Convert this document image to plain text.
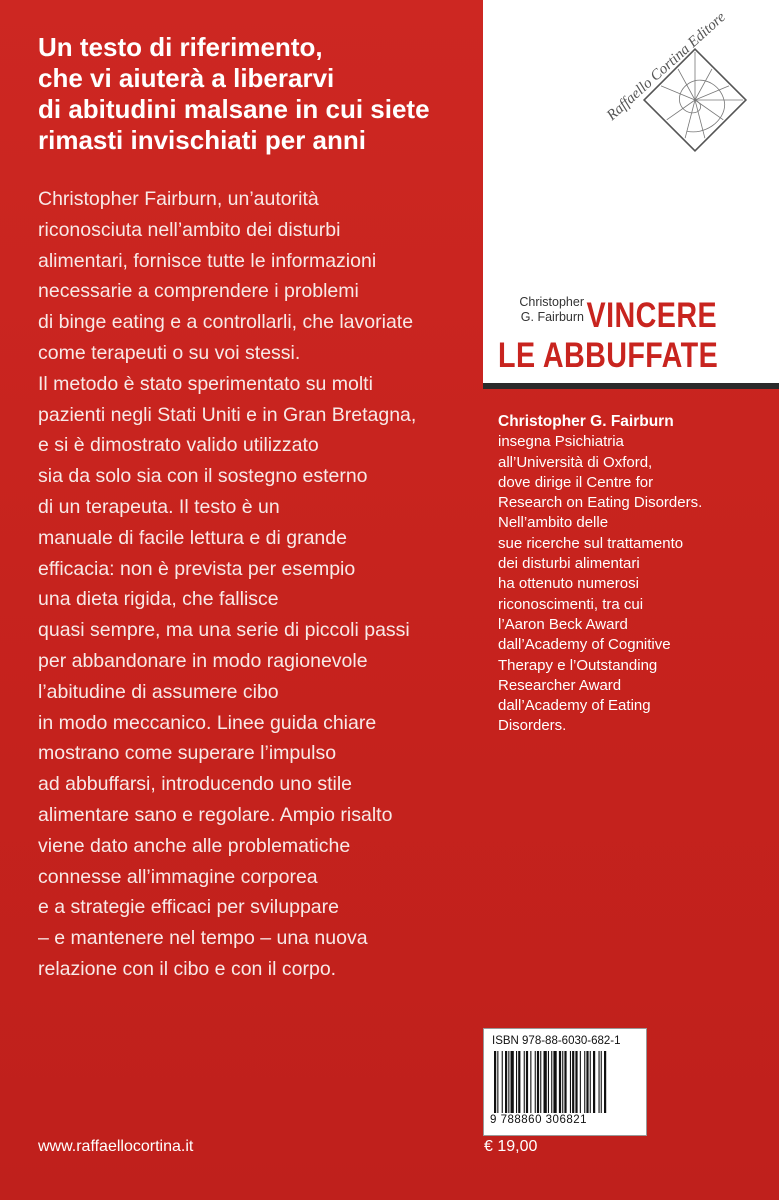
Un testo di riferimento,
che vi aiuterà a liberarvi
di abitudini malsane in cui siete
rimasti invischiati per anni
Christopher Fairburn, un’autorità
riconosciuta nell’ambito dei disturbi
alimentari, fornisce tutte le informazioni
necessarie a comprendere i problemi
di binge eating e a controllarli, che lavoriate
come terapeuti o su voi stessi.
Il metodo è stato sperimentato su molti
pazienti negli Stati Uniti e in Gran Bretagna,
e si è dimostrato valido utilizzato
sia da solo sia con il sostegno esterno
di un terapeuta. Il testo è un
manuale di facile lettura e di grande
efficacia: non è prevista per esempio
una dieta rigida, che fallisce
quasi sempre, ma una serie di piccoli passi
per abbandonare in modo ragionevole
l’abitudine di assumere cibo
in modo meccanico. Linee guida chiare
mostrano come superare l’impulso
ad abbuffarsi, introducendo uno stile
alimentare sano e regolare. Ampio risalto
viene dato anche alle problematiche
connesse all’immagine corporea
e a strategie efficaci per sviluppare
– e mantenere nel tempo – una nuova
relazione con il cibo e con il corpo.
Raffaello Cortina Editore
Christopher
G. Fairburn VINCERE
LE ABBUFFATE
Christopher G. Fairburn
insegna Psichiatria
all’Università di Oxford,
dove dirige il Centre for
Research on Eating Disorders.
Nell’ambito delle
sue ricerche sul trattamento
dei disturbi alimentari
ha ottenuto numerosi
riconoscimenti, tra cui
l’Aaron Beck Award
dall’Academy of Cognitive
Therapy e l’Outstanding
Researcher Award
dall’Academy of Eating
Disorders.
ISBN 978-88-6030-682-1
9 788860 306821
€ 19,00
www.raffaellocortina.it
